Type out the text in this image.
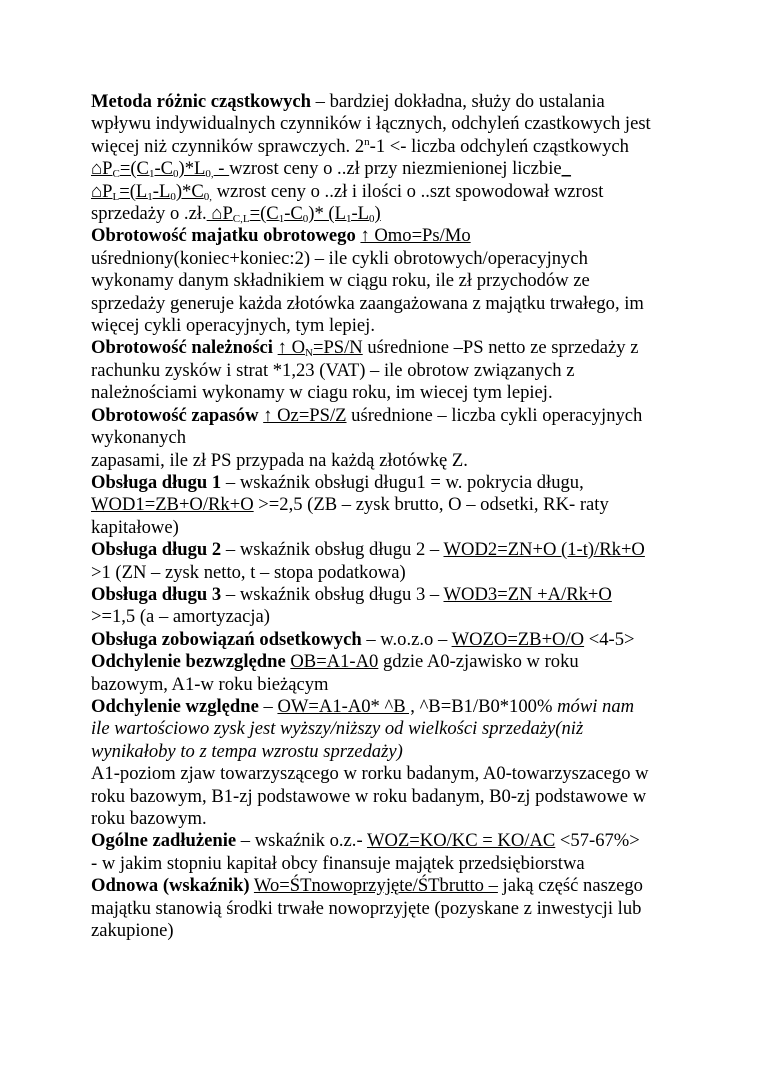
Metoda różnic cząstkowych – bardziej dokładna, służy do ustalania

wpływu indywidualnych czynników i łącznych, odchyleń czastkowych jest

więcej niż czynników sprawczych. $2^n-1$ <- liczba odchyleń cząstkowych

$⌂P_C=(C_1-C_0)*L_{0,}$ - wzrost ceny o ..zł przy niezmienionej liczbie_

$⌂P_L=(L_1-L_0)*C_{0,}$ wzrost ceny o ..zł i ilości o ..szt spowodował wzrost

sprzedaży o .zł. $⌂P_{C,L}=(C_1-C_0)*$ $(L_1-L_0)$

Obrotowość majatku obrotowego ↑ Omo=Ps/Mo

uśredniony(koniec+koniec:2) – ile cykli obrotowych/operacyjnych

wykonamy danym składnikiem w ciągu roku, ile zł przychodów ze

sprzedaży generuje każda złotówka zaangażowana z majątku trwałego, im

więcej cykli operacyjnych, tym lepiej.

Obrotowość należności ↑ $O_N=PS/N$ uśrednione –PS netto ze sprzedaży z

rachunku zysków i strat *1,23 (VAT) – ile obrotow związanych z

należnościami wykonamy w ciagu roku, im wiecej tym lepiej.

Obrotowość zapasów ↑ Oz=PS/Z uśrednione – liczba cykli operacyjnych

wykonanych

zapasami, ile zł PS przypada na każdą złotówkę Z.

Obsługa długu 1 – wskaźnik obsługi długu1 = w. pokrycia długu,

WOD1=ZB+O/Rk+O >=2,5 (ZB – zysk brutto, O – odsetki, RK- raty

kapitałowe)

Obsługa długu 2 – wskaźnik obsług długu 2 – WOD2=ZN+O (1-t)/Rk+O

>1 (ZN – zysk netto, t – stopa podatkowa)

Obsługa długu 3 – wskaźnik obsług długu 3 – WOD3=ZN +A/Rk+O

>=1,5 (a – amortyzacja)

Obsługa zobowiązań odsetkowych – w.o.z.o – WOZO=ZB+O/O <4-5>

Odchylenie bezwzględne OB=A1-A0 gdzie A0-zjawisko w roku

bazowym, A1-w roku bieżącym

Odchylenie względne – OW=A1-A0* ^B , ^B=B1/B0*100% mówi nam

ile wartościowo zysk jest wyższy/niższy od wielkości sprzedaży(niż

wynikałoby to z tempa wzrostu sprzedaży)

A1-poziom zjaw towarzyszącego w rorku badanym, A0-towarzyszacego w

roku bazowym, B1-zj podstawowe w roku badanym, B0-zj podstawowe w

roku bazowym.

Ogólne zadłużenie – wskaźnik o.z.- WOZ=KO/KC = KO/AC <57-67%>

- w jakim stopniu kapitał obcy finansuje majątek przedsiębiorstwa

Odnowa (wskaźnik) Wo=ŚTnowoprzyjęte/ŚTbrutto – jaką część naszego

majątku stanowią środki trwałe nowoprzyjęte (pozyskane z inwestycji lub

zakupione)
